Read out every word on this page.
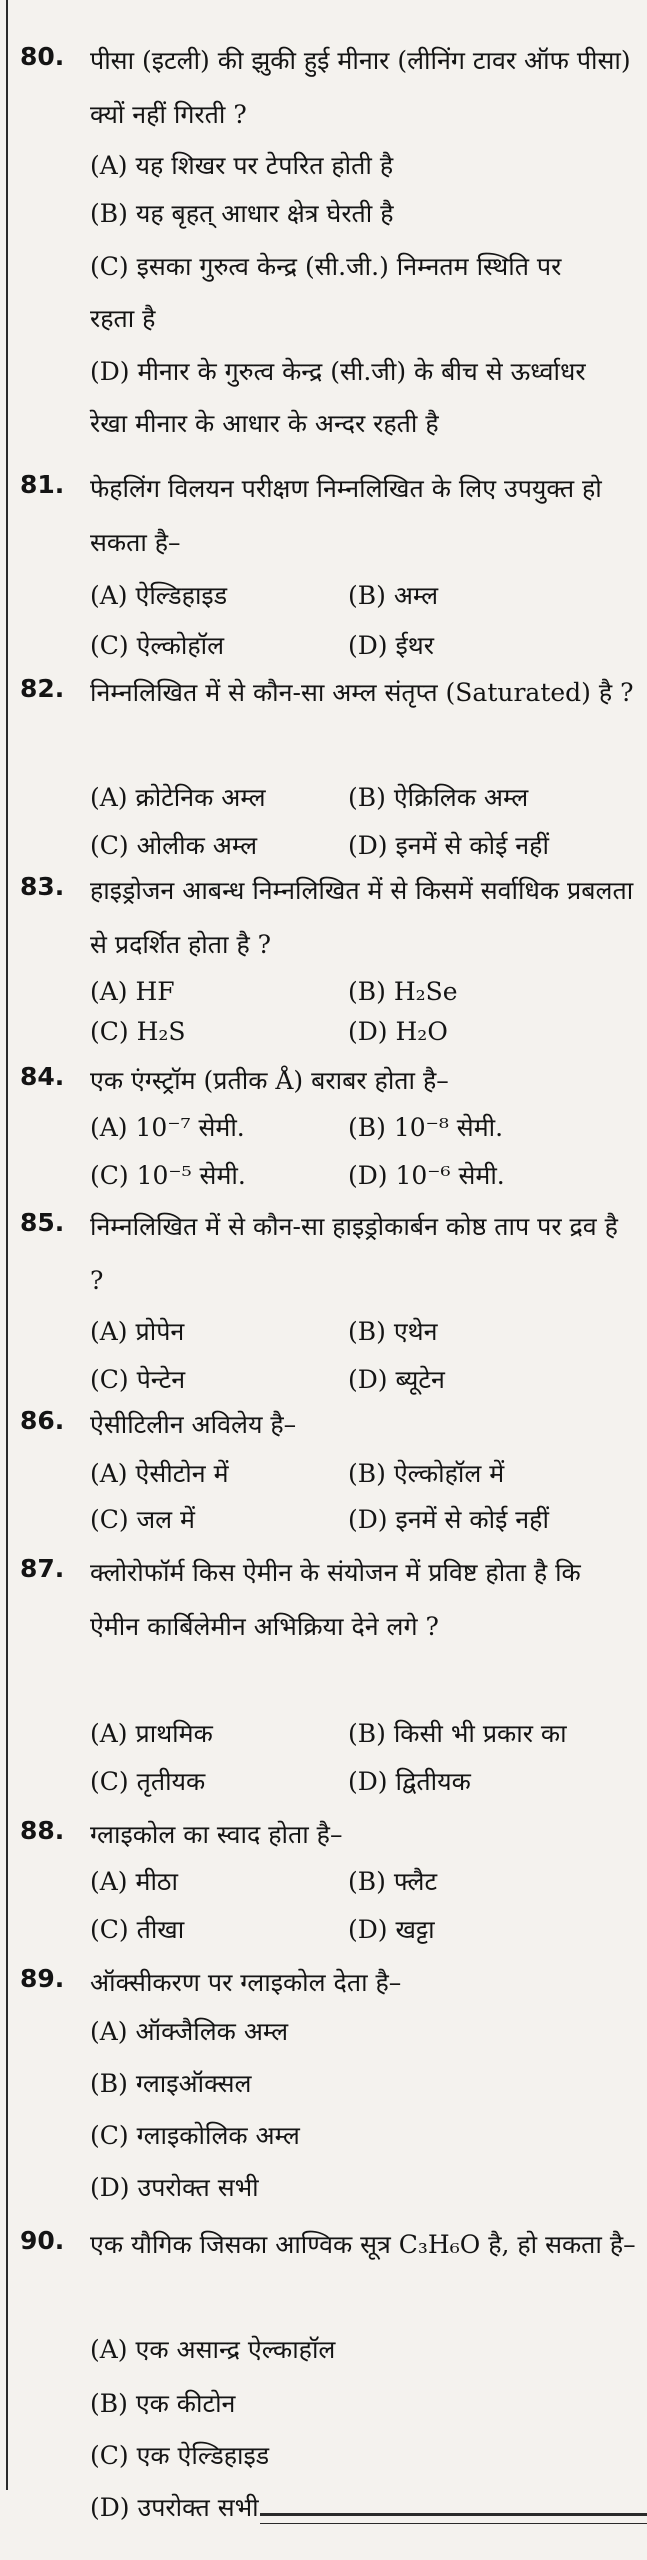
80. पीसा (इटली) की झुकी हुई मीनार (लीनिंग टावर ऑफ पीसा) क्यों नहीं गिरती ?
(A) यह शिखर पर टेपरित होती है
(B) यह बृहत् आधार क्षेत्र घेरती है
(C) इसका गुरुत्व केन्द्र (सी.जी.) निम्नतम स्थिति पर रहता है
(D) मीनार के गुरुत्व केन्द्र (सी.जी) के बीच से ऊर्ध्वाधर रेखा मीनार के आधार के अन्दर रहती है
81. फेहलिंग विलयन परीक्षण निम्नलिखित के लिए उपयुक्त हो सकता है–
(A) ऐल्डिहाइड	(B) अम्ल
(C) ऐल्कोहॉल	(D) ईथर
82. निम्नलिखित में से कौन-सा अम्ल संतृप्त (Saturated) है ?
(A) क्रोटेनिक अम्ल	(B) ऐक्रिलिक अम्ल
(C) ओलीक अम्ल	(D) इनमें से कोई नहीं
83. हाइड्रोजन आबन्ध निम्नलिखित में से किसमें सर्वाधिक प्रबलता से प्रदर्शित होता है ?
(A) HF	(B) H₂Se
(C) H₂S	(D) H₂O
84. एक एंग्स्ट्रॉम (प्रतीक Å) बराबर होता है–
(A) 10⁻⁷ सेमी.	(B) 10⁻⁸ सेमी.
(C) 10⁻⁵ सेमी.	(D) 10⁻⁶ सेमी.
85. निम्नलिखित में से कौन-सा हाइड्रोकार्बन कोष्ठ ताप पर द्रव है ?
(A) प्रोपेन	(B) एथेन
(C) पेन्टेन	(D) ब्यूटेन
86. ऐसीटिलीन अविलेय है–
(A) ऐसीटोन में	(B) ऐल्कोहॉल में
(C) जल में	(D) इनमें से कोई नहीं
87. क्लोरोफॉर्म किस ऐमीन के संयोजन में प्रविष्ट होता है कि ऐमीन कार्बिलेमीन अभिक्रिया देने लगे ?
(A) प्राथमिक	(B) किसी भी प्रकार का
(C) तृतीयक	(D) द्वितीयक
88. ग्लाइकोल का स्वाद होता है–
(A) मीठा	(B) फ्लैट
(C) तीखा	(D) खट्टा
89. ऑक्सीकरण पर ग्लाइकोल देता है–
(A) ऑक्जैलिक अम्ल
(B) ग्लाइऑक्सल
(C) ग्लाइकोलिक अम्ल
(D) उपरोक्त सभी
90. एक यौगिक जिसका आण्विक सूत्र C₃H₆O है, हो सकता है–
(A) एक असान्द्र ऐल्काहॉल
(B) एक कीटोन
(C) एक ऐल्डिहाइड
(D) उपरोक्त सभी
